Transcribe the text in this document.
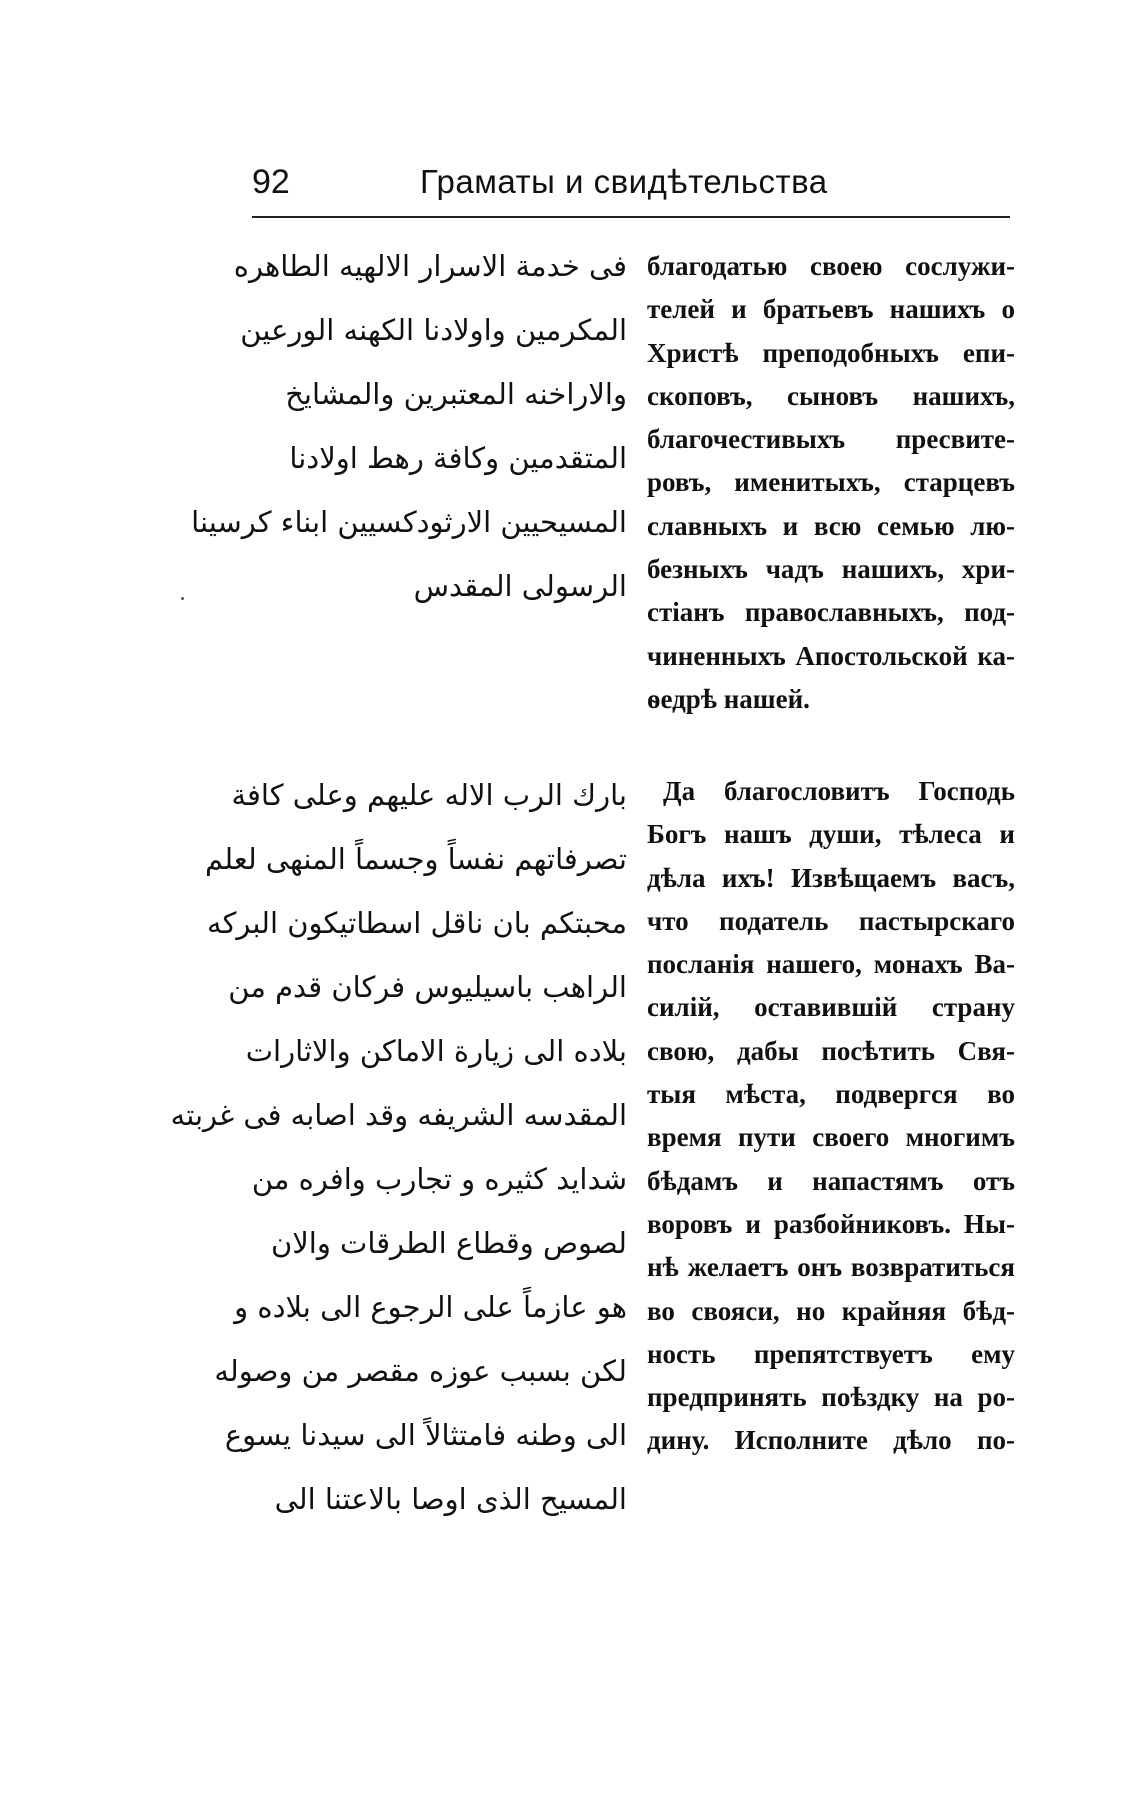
92	Граматы и свидѣтельства
فى خدمة الاسرار الالهيه الطاهره
المكرمين واولادنا الكهنه الورعين
والاراخنه المعتبرين والمشايخ
المتقدمين وكافة رهط اولادنا
المسيحيين الارثودكسيين ابناء كرسينا
الرسولى المقدس
بارك الرب الاله عليهم وعلى كافة
تصرفاتهم نفساً وجسماً المنهى لعلم
محبتكم بان ناقل اسطاتيكون البركه
الراهب باسيليوس فركان قدم من
بلاده الى زيارة الاماكن والاثارات
المقدسه الشريفه وقد اصابه فى غربته
شدايد كثيره و تجارب وافره من
لصوص وقطاع الطرقات والان
هو عازماً على الرجوع الى بلاده و
لكن بسبب عوزه مقصر من وصوله
الى وطنه فامتثالاً الى سيدنا يسوع
المسيح الذى اوصا بالاعتنا الى
благодатью своею сослужи-
телей и братьевъ нашихъ о
Христѣ преподобныхъ епи-
скоповъ, сыновъ нашихъ,
благочестивыхъ пресвите-
ровъ, именитыхъ, старцевъ
славныхъ и всю семью лю-
безныхъ чадъ нашихъ, хри-
стіанъ православныхъ, под-
чиненныхъ Апостольской ка-
ѳедрѣ нашей.
Да благословитъ Господь
Богъ нашъ души, тѣлеса и
дѣла ихъ! Извѣщаемъ васъ,
что податель пастырскаго
посланія нашего, монахъ Ва-
силій, оставившій страну
свою, дабы посѣтить Свя-
тыя мѣста, подвергся во
время пути своего многимъ
бѣдамъ и напастямъ отъ
воровъ и разбойниковъ. Ны-
нѣ желаетъ онъ возвратиться
во свояси, но крайняя бѣд-
ность препятствуетъ ему
предпринять поѣздку на ро-
дину. Исполните дѣло по-
